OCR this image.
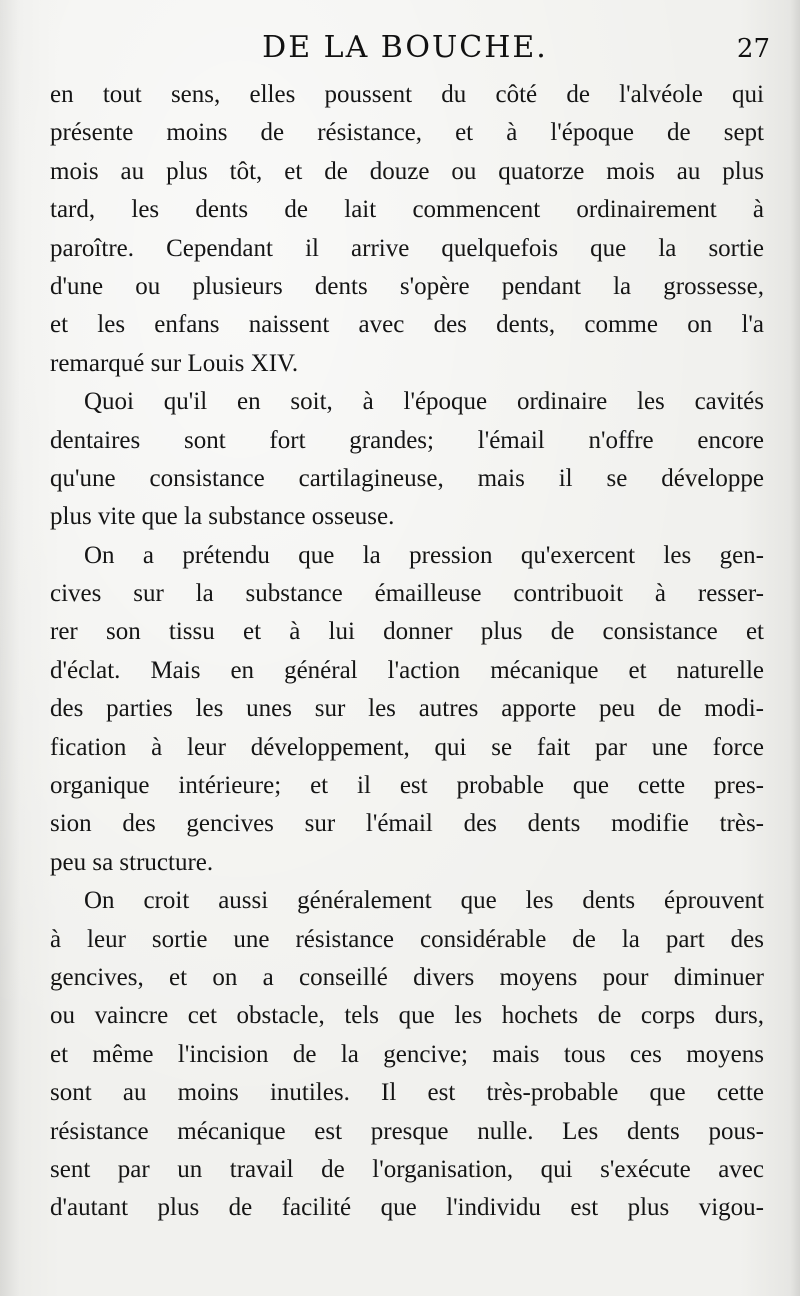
DE LA BOUCHE.	27
en tout sens, elles poussent du côté de l'alvéole qui
présente moins de résistance, et à l'époque de sept
mois au plus tôt, et de douze ou quatorze mois au plus
tard, les dents de lait commencent ordinairement à
paroître. Cependant il arrive quelquefois que la sortie
d'une ou plusieurs dents s'opère pendant la grossesse,
et les enfans naissent avec des dents, comme on l'a
remarqué sur Louis XIV.
Quoi qu'il en soit, à l'époque ordinaire les cavités
dentaires sont fort grandes; l'émail n'offre encore
qu'une consistance cartilagineuse, mais il se développe
plus vite que la substance osseuse.
On a prétendu que la pression qu'exercent les gen-
cives sur la substance émailleuse contribuoit à resser-
rer son tissu et à lui donner plus de consistance et
d'éclat. Mais en général l'action mécanique et naturelle
des parties les unes sur les autres apporte peu de modi-
fication à leur développement, qui se fait par une force
organique intérieure; et il est probable que cette pres-
sion des gencives sur l'émail des dents modifie très-
peu sa structure.
On croit aussi généralement que les dents éprouvent
à leur sortie une résistance considérable de la part des
gencives, et on a conseillé divers moyens pour diminuer
ou vaincre cet obstacle, tels que les hochets de corps durs,
et même l'incision de la gencive; mais tous ces moyens
sont au moins inutiles. Il est très-probable que cette
résistance mécanique est presque nulle. Les dents pous-
sent par un travail de l'organisation, qui s'exécute avec
d'autant plus de facilité que l'individu est plus vigou-
